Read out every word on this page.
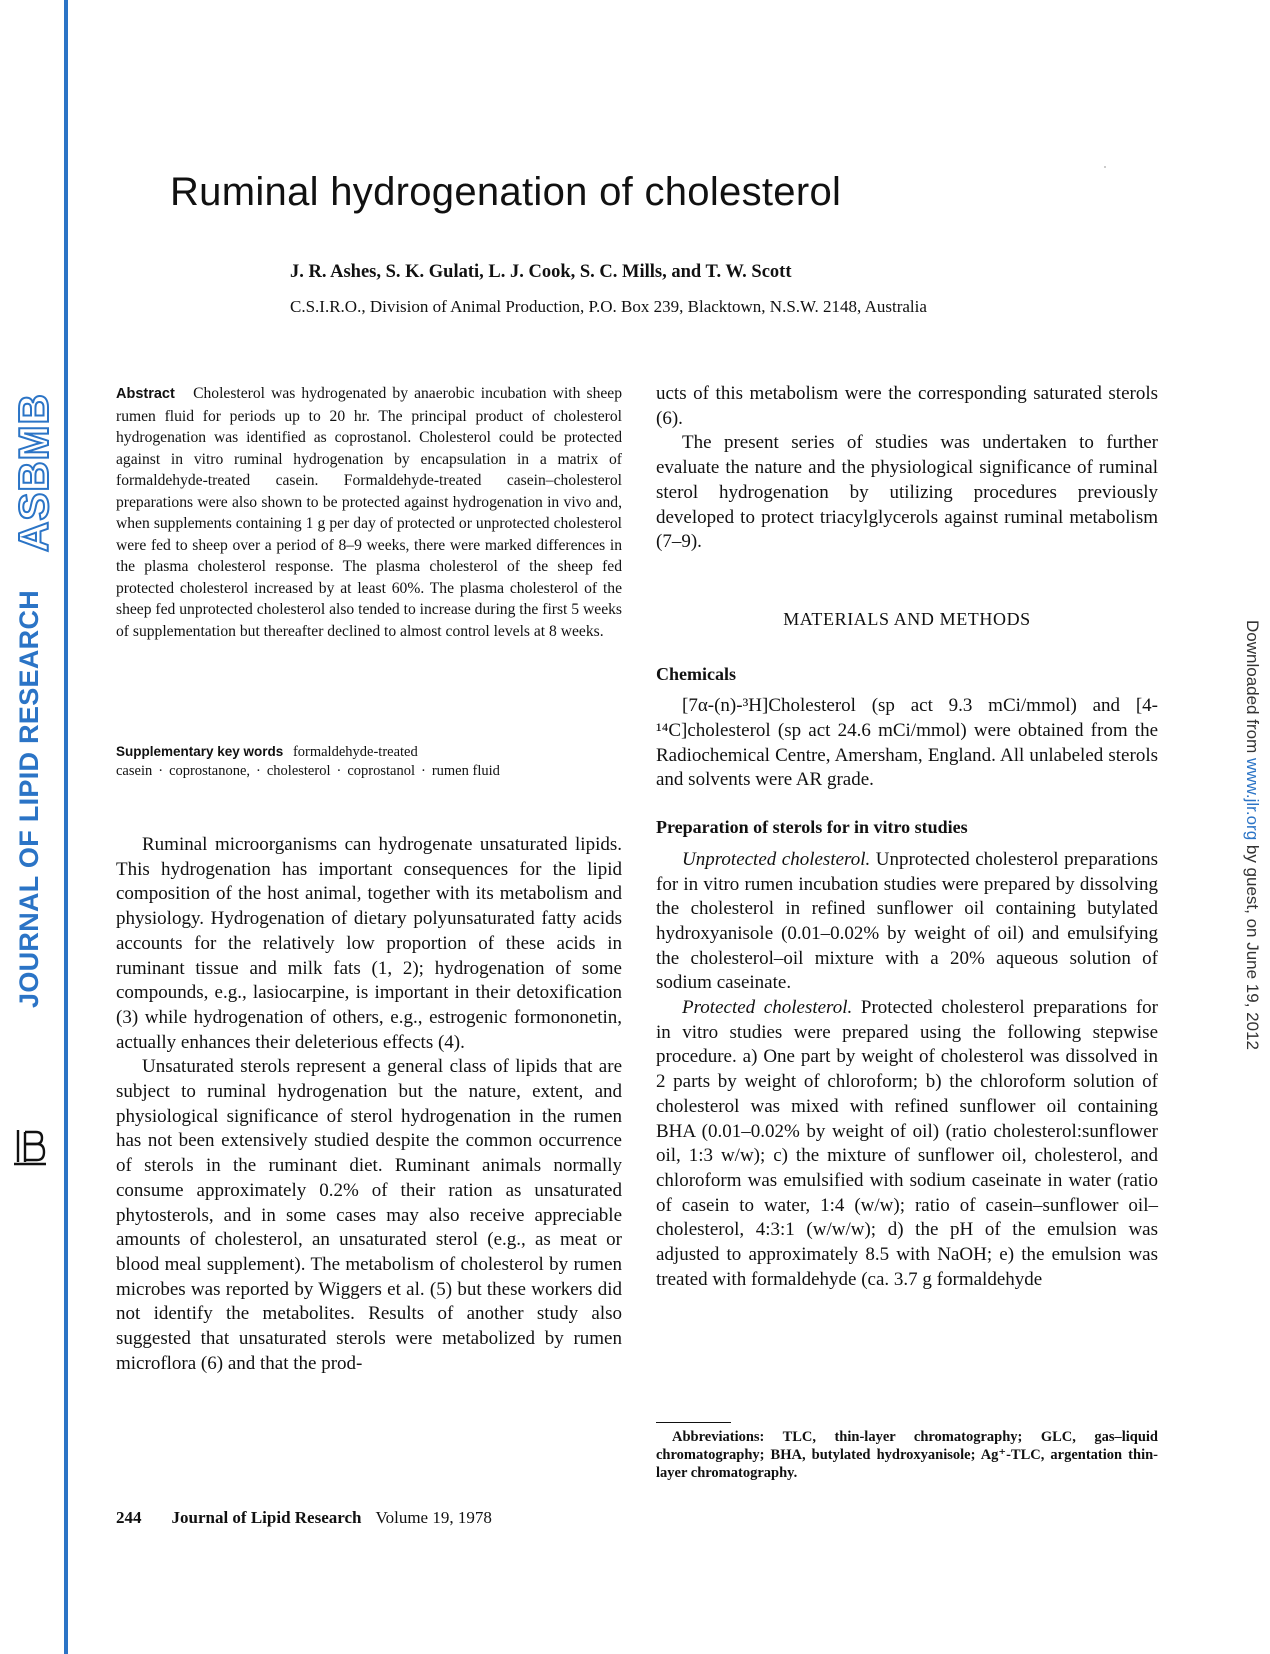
ASBMB
JOURNAL OF LIPID RESEARCH	Downloaded from www.jlr.org by guest, on June 19, 2012
Ruminal hydrogenation of cholesterol
J. R. Ashes, S. K. Gulati, L. J. Cook, S. C. Mills, and T. W. Scott
C.S.I.R.O., Division of Animal Production, P.O. Box 239, Blacktown, N.S.W. 2148, Australia

Abstract Cholesterol was hydrogenated by anaerobic incubation with sheep rumen fluid for periods up to 20 hr. The principal product of cholesterol hydrogenation was identified as coprostanol. Cholesterol could be protected against in vitro ruminal hydrogenation by encapsulation in a matrix of formaldehyde-treated casein. Formaldehyde-treated casein–cholesterol preparations were also shown to be protected against hydrogenation in vivo and, when supplements containing 1 g per day of protected or unprotected cholesterol were fed to sheep over a period of 8–9 weeks, there were marked differences in the plasma cholesterol response. The plasma cholesterol of the sheep fed protected cholesterol increased by at least 60%. The plasma cholesterol of the sheep fed unprotected cholesterol also tended to increase during the first 5 weeks of supplementation but thereafter declined to almost control levels at 8 weeks.

Supplementary key words formaldehyde-treated casein · coprostanone, · cholesterol · coprostanol · rumen fluid

Ruminal microorganisms can hydrogenate unsaturated lipids. This hydrogenation has important consequences for the lipid composition of the host animal, together with its metabolism and physiology. Hydrogenation of dietary polyunsaturated fatty acids accounts for the relatively low proportion of these acids in ruminant tissue and milk fats (1, 2); hydrogenation of some compounds, e.g., lasiocarpine, is important in their detoxification (3) while hydrogenation of others, e.g., estrogenic formononetin, actually enhances their deleterious effects (4).

Unsaturated sterols represent a general class of lipids that are subject to ruminal hydrogenation but the nature, extent, and physiological significance of sterol hydrogenation in the rumen has not been extensively studied despite the common occurrence of sterols in the ruminant diet. Ruminant animals normally consume approximately 0.2% of their ration as unsaturated phytosterols, and in some cases may also receive appreciable amounts of cholesterol, an unsaturated sterol (e.g., as meat or blood meal supplement). The metabolism of cholesterol by rumen microbes was reported by Wiggers et al. (5) but these workers did not identify the metabolites. Results of another study also suggested that unsaturated sterols were metabolized by rumen microflora (6) and that the prod-

ucts of this metabolism were the corresponding saturated sterols (6).

The present series of studies was undertaken to further evaluate the nature and the physiological significance of ruminal sterol hydrogenation by utilizing procedures previously developed to protect triacylglycerols against ruminal metabolism (7–9).

MATERIALS AND METHODS
Chemicals

[7α-(n)-³H]Cholesterol (sp act 9.3 mCi/mmol) and [4-¹⁴C]cholesterol (sp act 24.6 mCi/mmol) were obtained from the Radiochemical Centre, Amersham, England. All unlabeled sterols and solvents were AR grade.

Preparation of sterols for in vitro studies

Unprotected cholesterol. Unprotected cholesterol preparations for in vitro rumen incubation studies were prepared by dissolving the cholesterol in refined sunflower oil containing butylated hydroxyanisole (0.01–0.02% by weight of oil) and emulsifying the cholesterol–oil mixture with a 20% aqueous solution of sodium caseinate.

Protected cholesterol. Protected cholesterol preparations for in vitro studies were prepared using the following stepwise procedure. a) One part by weight of cholesterol was dissolved in 2 parts by weight of chloroform; b) the chloroform solution of cholesterol was mixed with refined sunflower oil containing BHA (0.01–0.02% by weight of oil) (ratio cholesterol:sunflower oil, 1:3 w/w); c) the mixture of sunflower oil, cholesterol, and chloroform was emulsified with sodium caseinate in water (ratio of casein to water, 1:4 (w/w); ratio of casein–sunflower oil–cholesterol, 4:3:1 (w/w/w); d) the pH of the emulsion was adjusted to approximately 8.5 with NaOH; e) the emulsion was treated with formaldehyde (ca. 3.7 g formaldehyde

Abbreviations: TLC, thin-layer chromatography; GLC, gas–liquid chromatography; BHA, butylated hydroxyanisole; Ag⁺-TLC, argentation thin-layer chromatography.

244 Journal of Lipid Research Volume 19, 1978
